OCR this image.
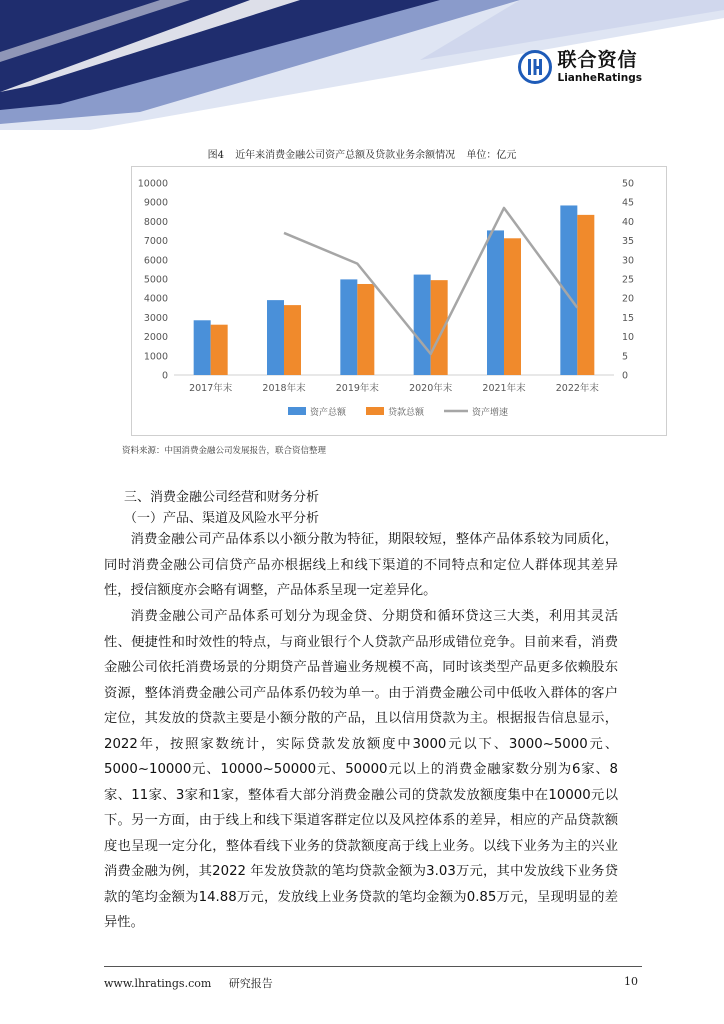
联合资信
LianheRatings
图4 近年来消费金融公司资产总额及贷款业务余额情况 单位：亿元
0
1000
2000
3000
4000
5000
6000
7000
8000
9000
10000
0
5
10
15
20
25
30
35
40
45
50
2017年末	2018年末	2019年末	2020年末	2021年末	2022年末
资产总额	贷款总额	资产增速
资料来源：中国消费金融公司发展报告，联合资信整理
三、消费金融公司经营和财务分析
（一）产品、渠道及风险水平分析

消费金融公司产品体系以小额分散为特征，期限较短，整体产品体系较为同质化，同时消费金融公司信贷产品亦根据线上和线下渠道的不同特点和定位人群体现其差异性，授信额度亦会略有调整，产品体系呈现一定差异化。

消费金融公司产品体系可划分为现金贷、分期贷和循环贷这三大类，利用其灵活性、便捷性和时效性的特点，与商业银行个人贷款产品形成错位竞争。目前来看，消费金融公司依托消费场景的分期贷产品普遍业务规模不高，同时该类型产品更多依赖股东资源，整体消费金融公司产品体系仍较为单一。由于消费金融公司中低收入群体的客户定位，其发放的贷款主要是小额分散的产品，且以信用贷款为主。根据报告信息显示，2022年，按照家数统计，实际贷款发放额度中3000元以下、3000~5000元、5000~10000元、10000~50000元、50000元以上的消费金融家数分别为6家、8家、11家、3家和1家，整体看大部分消费金融公司的贷款发放额度集中在10000元以下。另一方面，由于线上和线下渠道客群定位以及风控体系的差异，相应的产品贷款额度也呈现一定分化，整体看线下业务的贷款额度高于线上业务。以线下业务为主的兴业消费金融为例，其2022 年发放贷款的笔均贷款金额为3.03万元，其中发放线下业务贷款的笔均金额为14.88万元，发放线上业务贷款的笔均金额为0.85万元，呈现明显的差异性。

www.lhratings.com 研究报告	10
